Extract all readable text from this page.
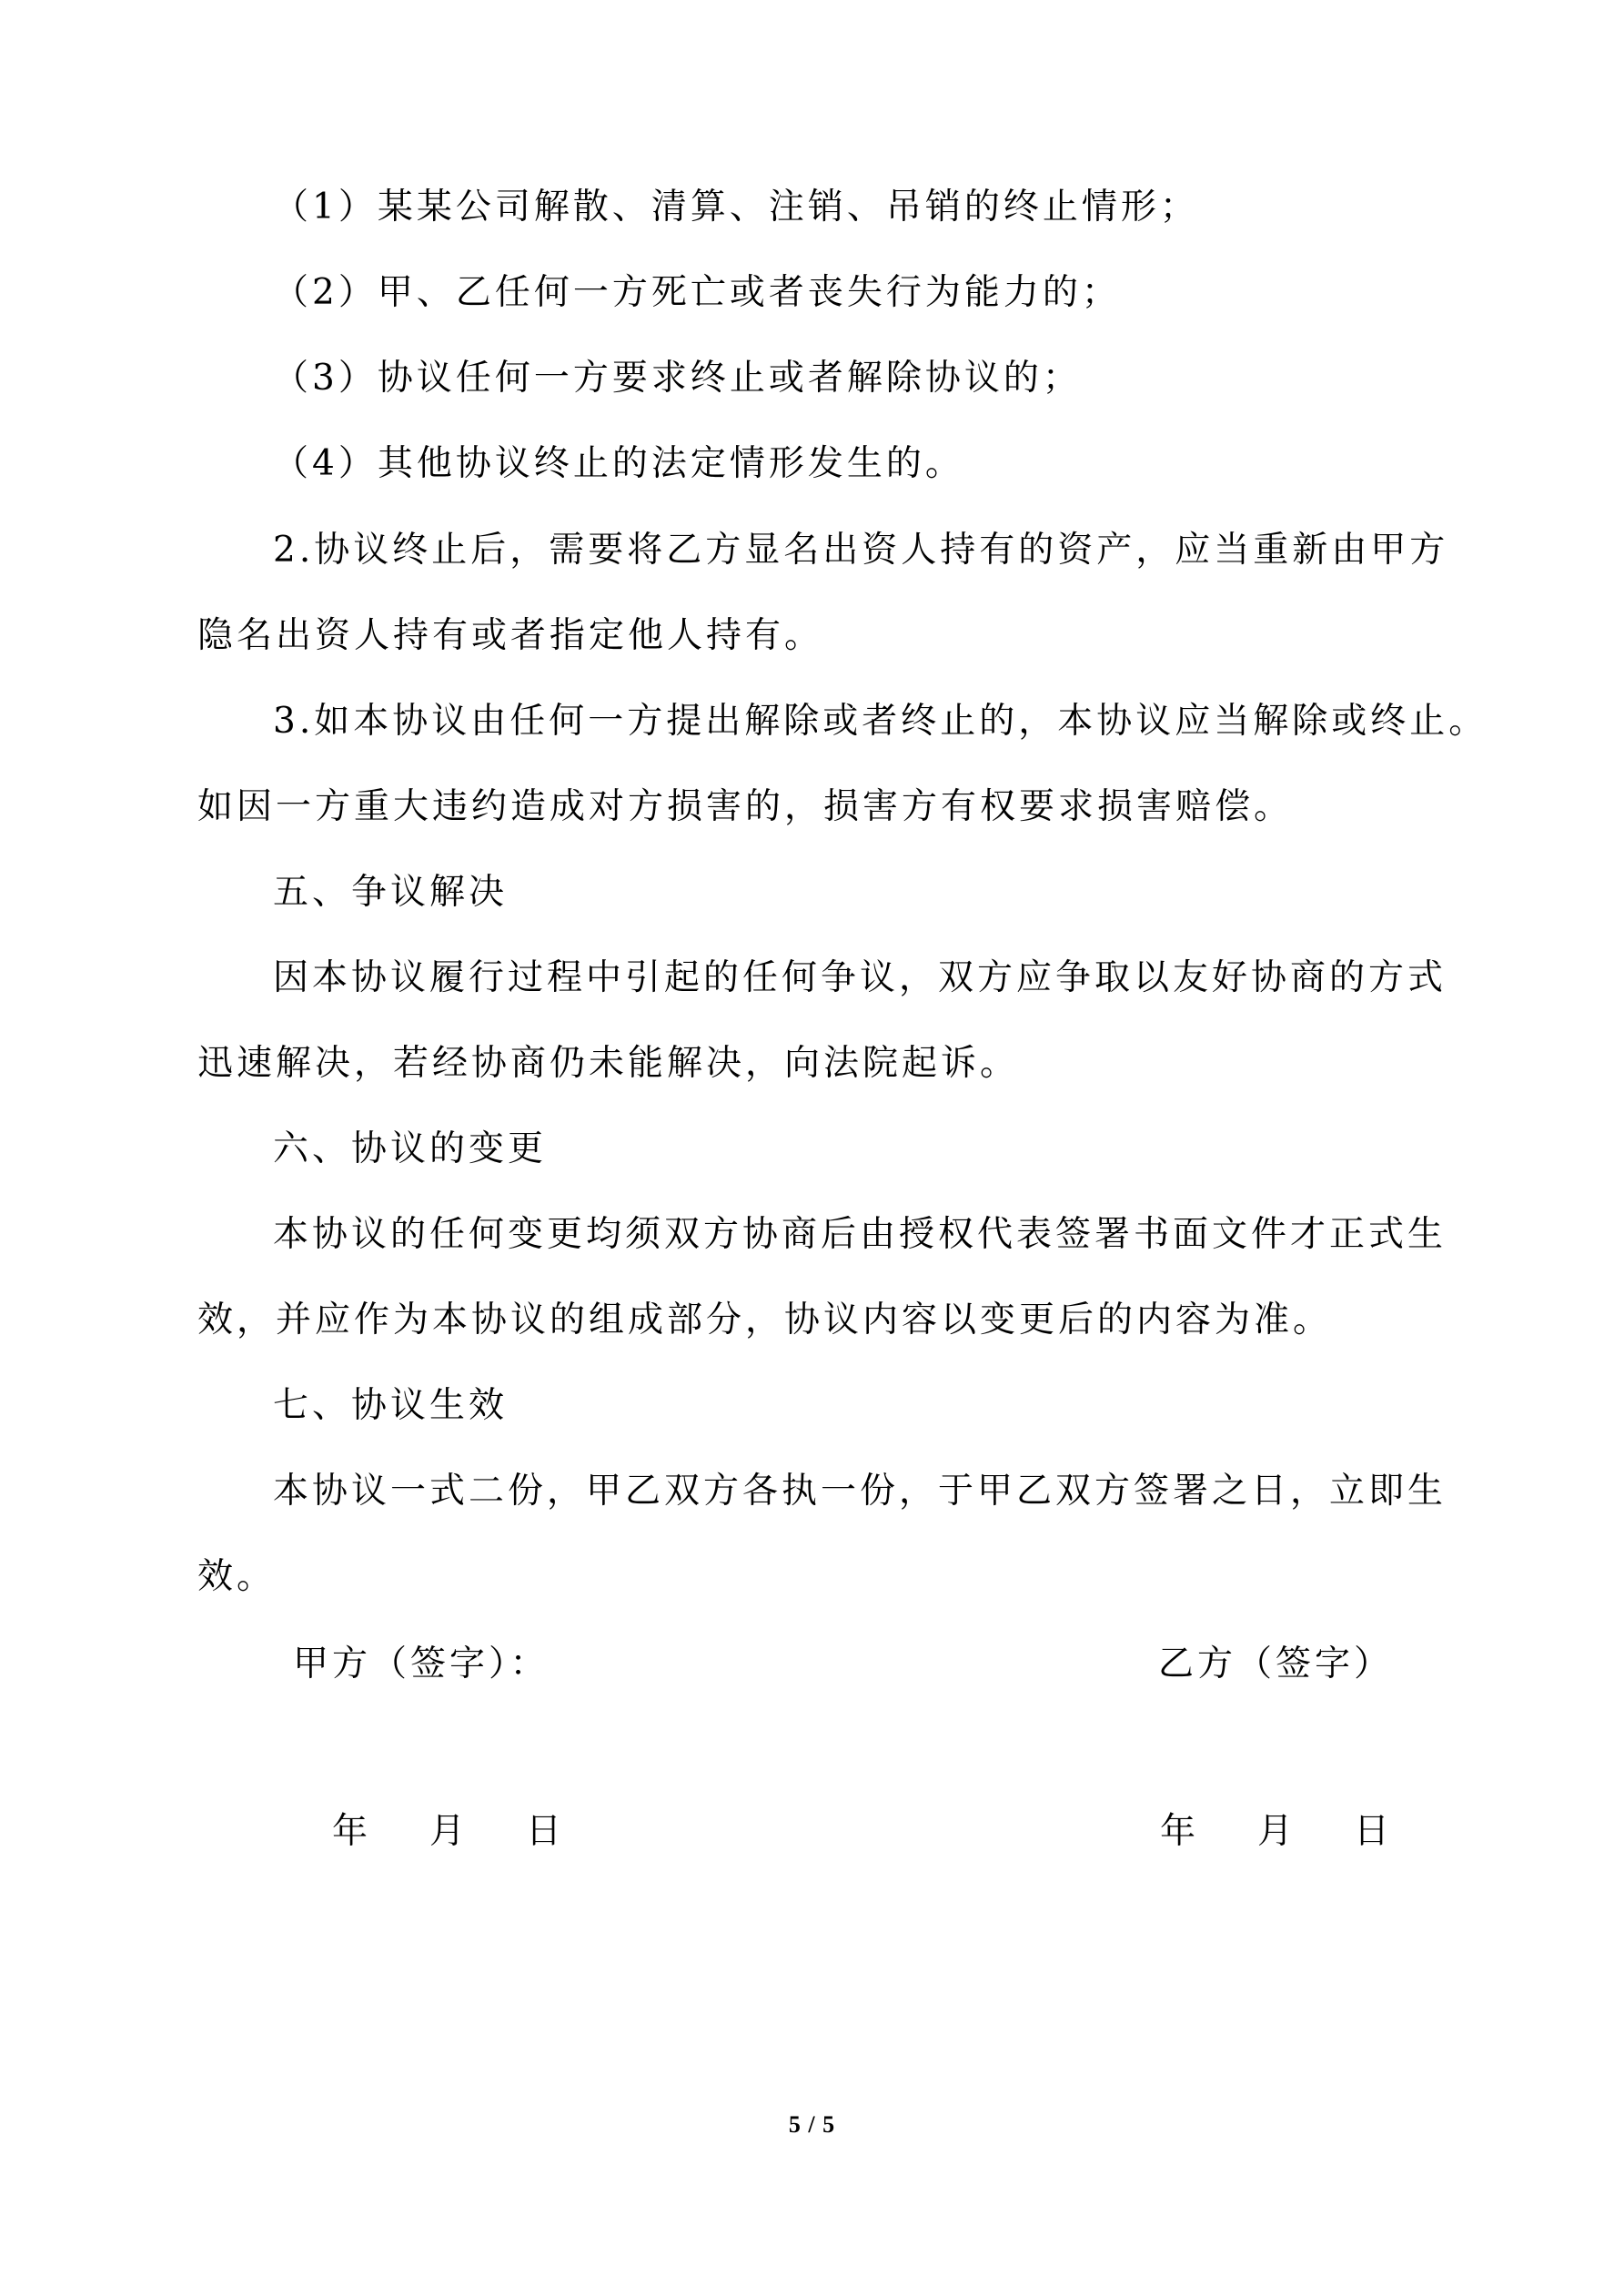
（1）某某公司解散、清算、注销、吊销的终止情形；
（2）甲、乙任何一方死亡或者丧失行为能力的；
（3）协议任何一方要求终止或者解除协议的；
（4）其他协议终止的法定情形发生的。
2.协议终止后，需要将乙方显名出资人持有的资产，应当重新由甲方
隐名出资人持有或者指定他人持有。
3.如本协议由任何一方提出解除或者终止的，本协议应当解除或终止。
如因一方重大违约造成对方损害的，损害方有权要求损害赔偿。
五、争议解决
因本协议履行过程中引起的任何争议，双方应争取以友好协商的方式
迅速解决，若经协商仍未能解决，向法院起诉。
六、协议的变更
本协议的任何变更均须双方协商后由授权代表签署书面文件才正式生
效，并应作为本协议的组成部分，协议内容以变更后的内容为准。
七、协议生效
本协议一式二份，甲乙双方各执一份，于甲乙双方签署之日，立即生
效。
甲方（签字）：	乙方（签字）
年 月 日	年 月 日
5 / 5
